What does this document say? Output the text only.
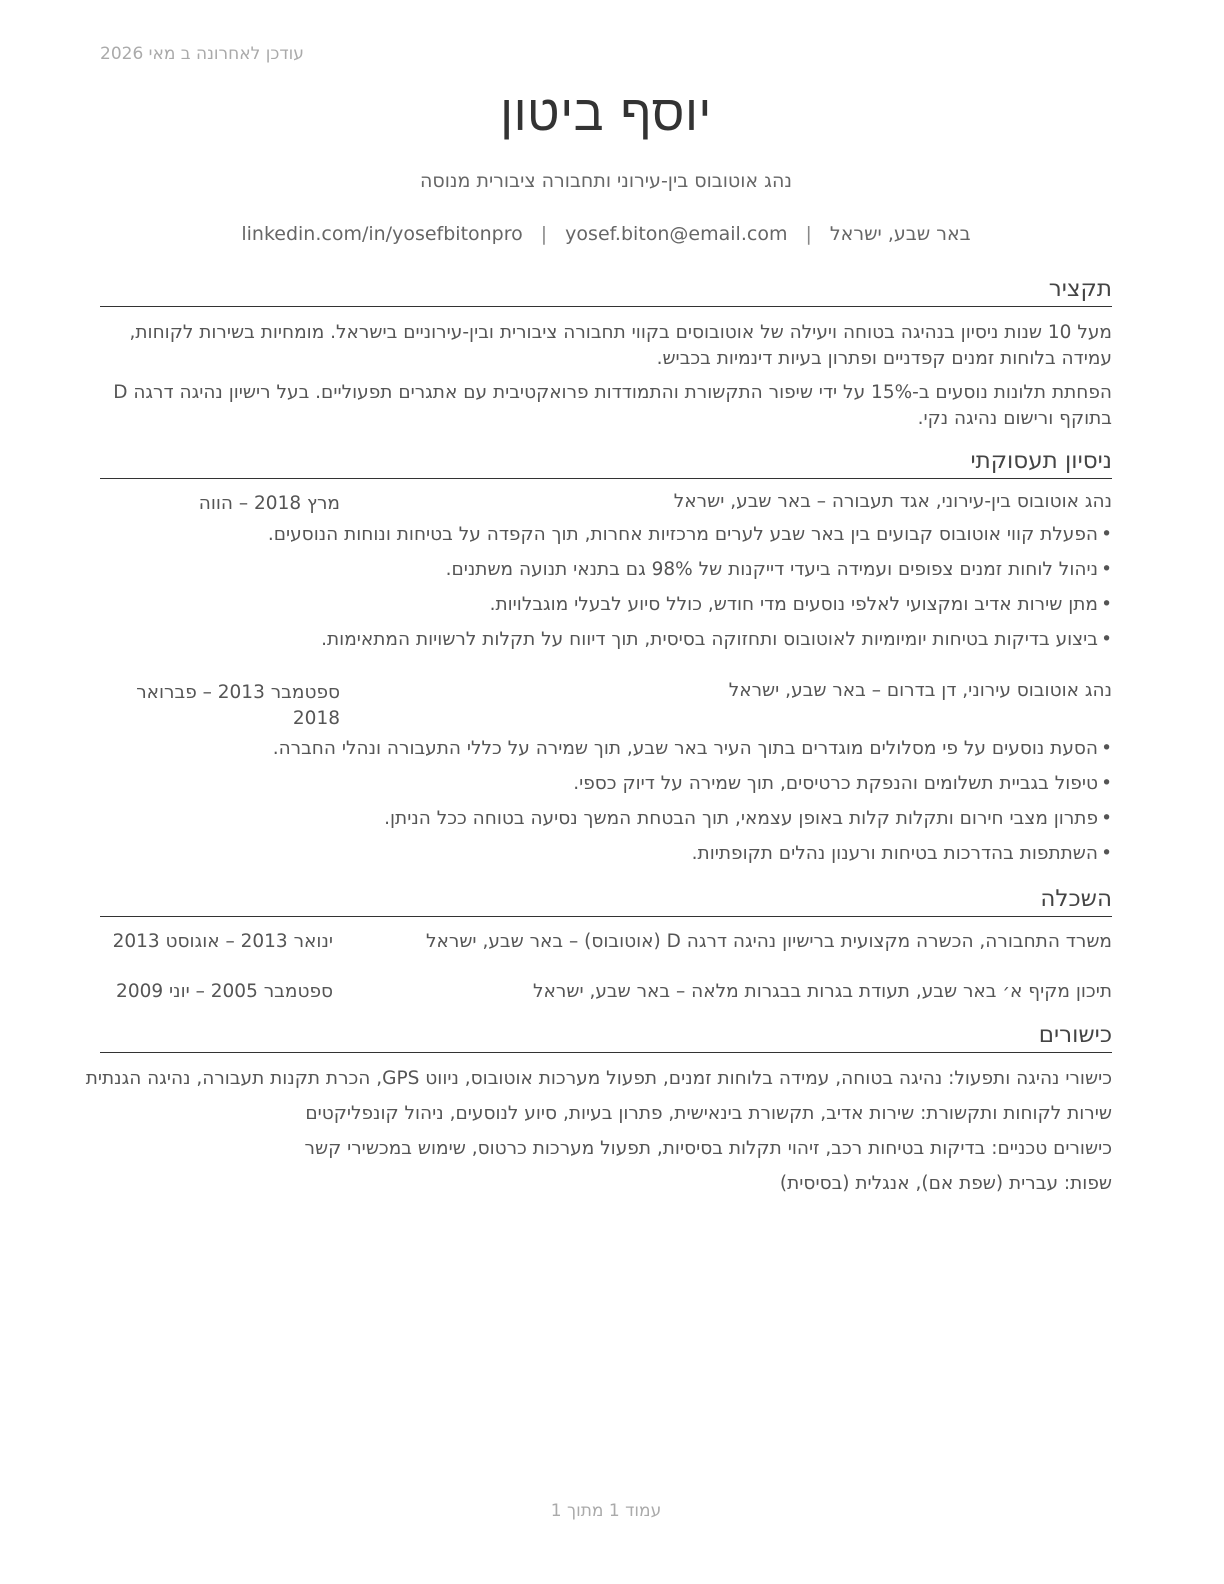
עודכן לאחרונה ב מאי 2026
יוסף ביטון
נהג אוטובוס בין-עירוני ותחבורה ציבורית מנוסה
באר שבע, ישראל
|
yosef.biton@email.com
|
linkedin.com/in/yosefbitonpro
תקציר
מעל 10 שנות ניסיון בנהיגה בטוחה ויעילה של אוטובוסים בקווי תחבורה ציבורית ובין-עירוניים בישראל. מומחיות בשירות לקוחות, עמידה בלוחות זמנים קפדניים ופתרון בעיות דינמיות בכביש.
הפחתת תלונות נוסעים ב-15% על ידי שיפור התקשורת והתמודדות פרואקטיבית עם אתגרים תפעוליים. בעל רישיון נהיגה דרגה D בתוקף ורישום נהיגה נקי.
ניסיון תעסוקתי
נהג אוטובוס בין-עירוני, אגד תעבורה – באר שבע, ישראל
מרץ 2018 – הווה
• הפעלת קווי אוטובוס קבועים בין באר שבע לערים מרכזיות אחרות, תוך הקפדה על בטיחות ונוחות הנוסעים.
• ניהול לוחות זמנים צפופים ועמידה ביעדי דייקנות של 98% גם בתנאי תנועה משתנים.
• מתן שירות אדיב ומקצועי לאלפי נוסעים מדי חודש, כולל סיוע לבעלי מוגבלויות.
• ביצוע בדיקות בטיחות יומיומיות לאוטובוס ותחזוקה בסיסית, תוך דיווח על תקלות לרשויות המתאימות.
נהג אוטובוס עירוני, דן בדרום – באר שבע, ישראל
ספטמבר 2013 – פברואר 2018
• הסעת נוסעים על פי מסלולים מוגדרים בתוך העיר באר שבע, תוך שמירה על כללי התעבורה ונהלי החברה.
• טיפול בגביית תשלומים והנפקת כרטיסים, תוך שמירה על דיוק כספי.
• פתרון מצבי חירום ותקלות קלות באופן עצמאי, תוך הבטחת המשך נסיעה בטוחה ככל הניתן.
• השתתפות בהדרכות בטיחות ורענון נהלים תקופתיות.
השכלה
משרד התחבורה, הכשרה מקצועית ברישיון נהיגה דרגה D (אוטובוס) – באר שבע, ישראל
ינואר 2013 – אוגוסט 2013
תיכון מקיף א׳ באר שבע, תעודת בגרות בבגרות מלאה – באר שבע, ישראל
ספטמבר 2005 – יוני 2009
כישורים
כישורי נהיגה ותפעול: נהיגה בטוחה, עמידה בלוחות זמנים, תפעול מערכות אוטובוס, ניווט GPS, הכרת תקנות תעבורה, נהיגה הגנתית
שירות לקוחות ותקשורת: שירות אדיב, תקשורת בינאישית, פתרון בעיות, סיוע לנוסעים, ניהול קונפליקטים
כישורים טכניים: בדיקות בטיחות רכב, זיהוי תקלות בסיסיות, תפעול מערכות כרטוס, שימוש במכשירי קשר
שפות: עברית (שפת אם), אנגלית (בסיסית)
עמוד 1 מתוך 1
